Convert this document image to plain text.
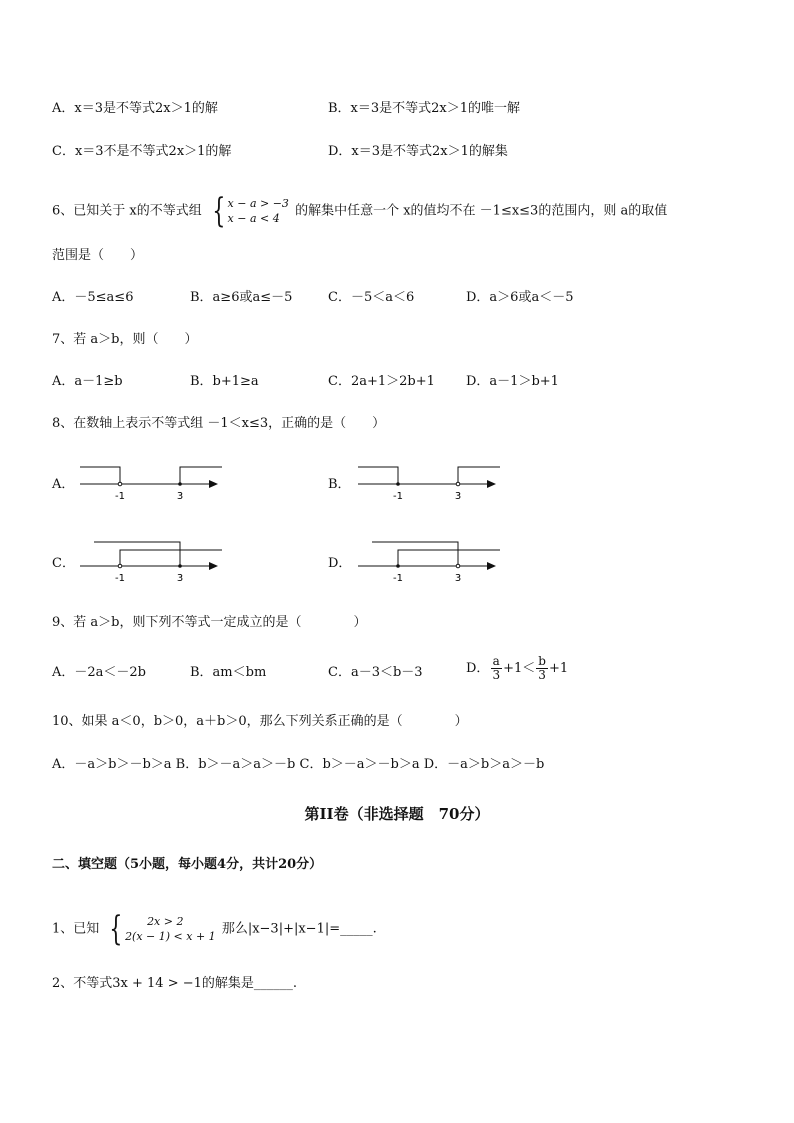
A．x＝3是不等式2x＞1的解	B．x＝3是不等式2x＞1的唯一解
C．x＝3不是不等式2x＞1的解	D．x＝3是不等式2x＞1的解集
6、已知关于 x的不等式组 { x − a > −3
x − a < 4	的解集中任意一个 x的值均不在 －1≤x≤3的范围内，则 a的取值
范围是（　　）
A．－5≤a≤6	B．a≥6或a≤－5	C．－5＜a＜6	D．a＞6或a＜－5
7、若 a＞b，则（　　）
A．a－1≥b	B．b+1≥a	C．2a+1＞2b+1 D．a－1＞b+1
8、在数轴上表示不等式组 －1＜x≤3，正确的是（　　）
A．
-1	3
B．
-1	3
C．
-1	3
D．
-1	3
9、若 a＞b，则下列不等式一定成立的是（　　　　）
A．－2a＜－2b	B．am＜bm	C．a－3＜b－3	D． $\frac{a}{3} +1< \frac{b}{3} +1$
10、如果 a＜0，b＞0，a＋b＞0，那么下列关系正确的是（　　　　）
A．－a＞b＞－b＞a B．b＞－a＞a＞－b C．b＞－a＞－b＞a D．－a＞b＞a＞－b
第II卷（非选择题　70分）
二、填空题（5小题，每小题4分，共计20分）
1、已知 {	2x > 2
2(x − 1) < x + 1 那么|x−3|+|x−1|=_____.
2、不等式3x + 14 > −1的解集是______.
